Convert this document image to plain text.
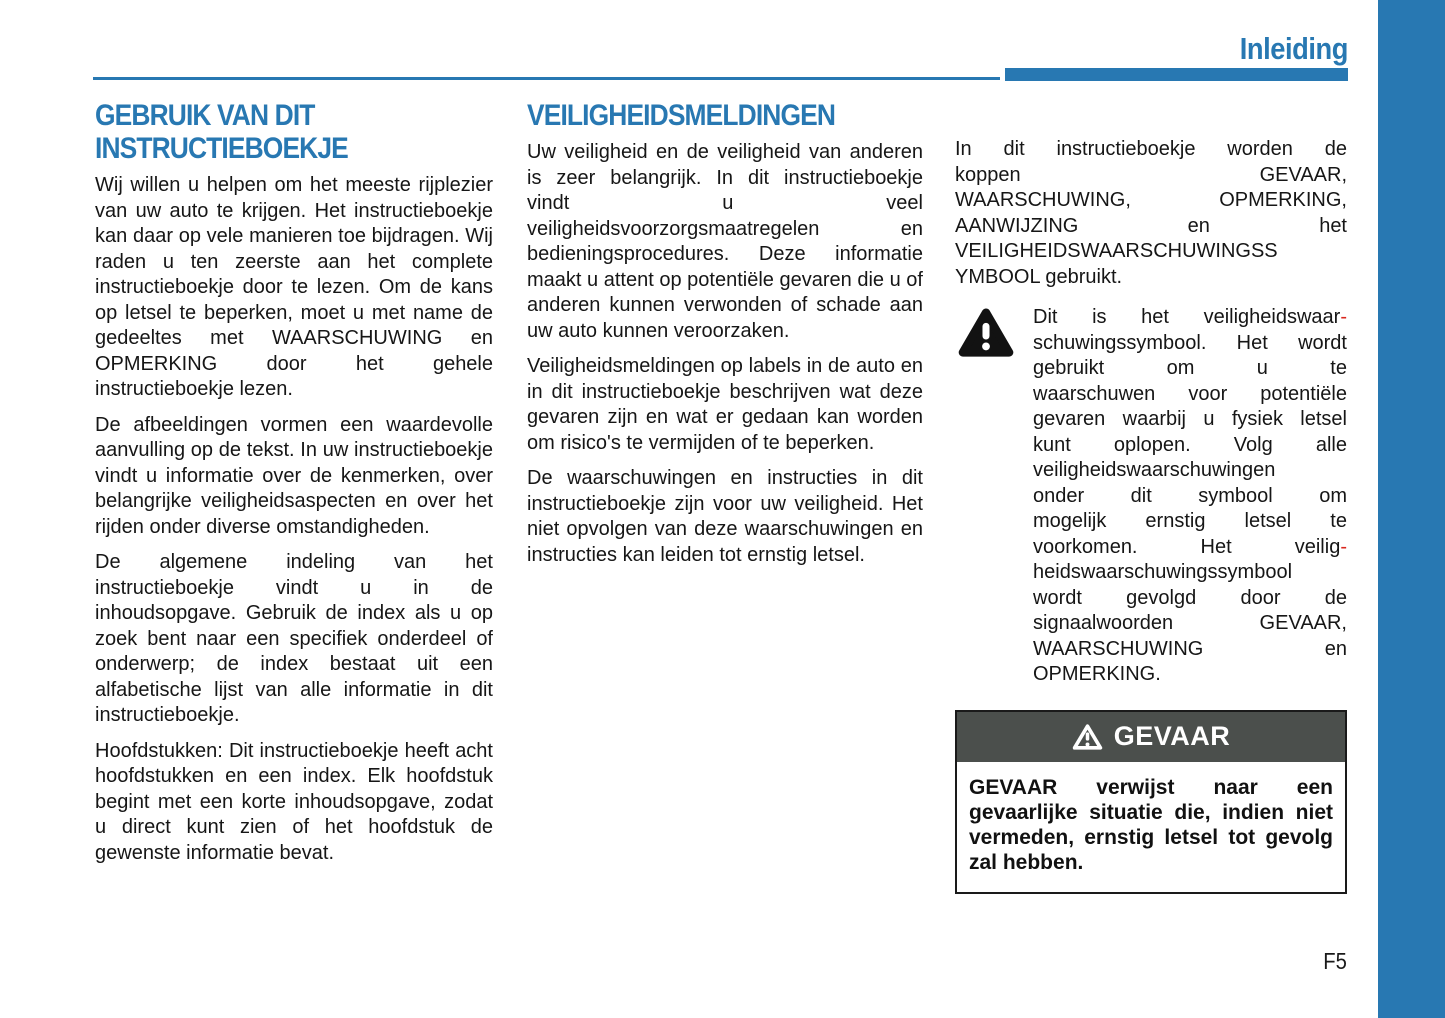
Inleiding
GEBRUIK VAN DIT INSTRUCTIEBOEKJE

Wij willen u helpen om het meeste rijplezier van uw auto te krijgen. Het instructieboekje kan daar op vele manieren toe bijdragen. Wij raden u ten zeerste aan het complete instructieboekje door te lezen. Om de kans op letsel te beperken, moet u met name de gedeeltes met WAARSCHUWING en OPMERKING door het gehele instructieboekje lezen.

De afbeeldingen vormen een waardevolle aanvulling op de tekst. In uw instructieboekje vindt u informatie over de kenmerken, over belangrijke veiligheidsaspecten en over het rijden onder diverse omstandigheden.

De algemene indeling van het instructieboekje vindt u in de inhoudsopgave. Gebruik de index als u op zoek bent naar een specifiek onderdeel of onderwerp; de index bestaat uit een alfabetische lijst van alle informatie in dit instructieboekje.

Hoofdstukken: Dit instructieboekje heeft acht hoofdstukken en een index. Elk hoofdstuk begint met een korte inhoudsopgave, zodat u direct kunt zien of het hoofdstuk de gewenste informatie bevat.

VEILIGHEIDSMELDINGEN

Uw veiligheid en de veiligheid van anderen is zeer belangrijk. In dit instructieboekje vindt u veel veiligheidsvoorzorgsmaatregelen en bedieningsprocedures. Deze informatie maakt u attent op potentiële gevaren die u of anderen kunnen verwonden of schade aan uw auto kunnen veroorzaken.

Veiligheidsmeldingen op labels in de auto en in dit instructieboekje beschrijven wat deze gevaren zijn en wat er gedaan kan worden om risico's te vermijden of te beperken.

De waarschuwingen en instructies in dit instructieboekje zijn voor uw veiligheid. Het niet opvolgen van deze waarschuwingen en instructies kan leiden tot ernstig letsel.

In dit instructieboekje worden de
koppen GEVAAR,
WAARSCHUWING, OPMERKING,
AANWIJZING en het
VEILIGHEIDSWAARSCHUWINGSS
YMBOOL gebruikt.
Dit is het veiligheidswaar-
schuwingssymbool. Het wordt
gebruikt om u te
waarschuwen voor potentiële
gevaren waarbij u fysiek letsel
kunt oplopen. Volg alle
veiligheidswaarschuwingen
onder dit symbool om
mogelijk ernstig letsel te
voorkomen. Het veilig-
heidswaarschuwingssymbool
wordt gevolgd door de
signaalwoorden GEVAAR,
WAARSCHUWING en
OPMERKING.
GEVAAR
GEVAAR verwijst naar een gevaarlijke situatie die, indien niet vermeden, ernstig letsel tot gevolg zal hebben.
F5
